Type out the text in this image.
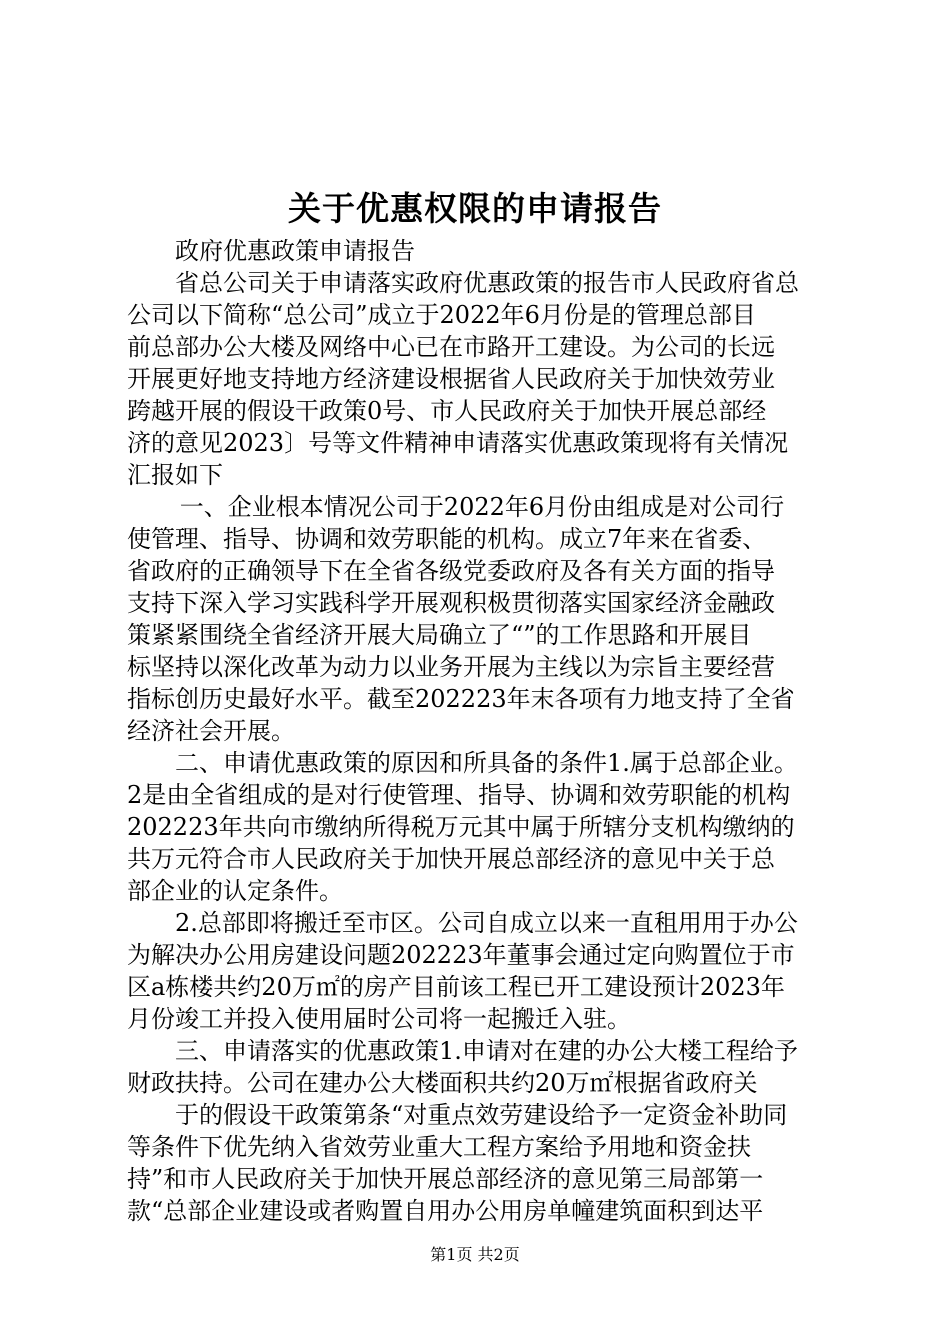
关于优惠权限的申请报告
政府优惠政策申请报告
省总公司关于申请落实政府优惠政策的报告市人民政府省总
公司以下简称“总公司”成立于2022年6月份是的管理总部目
前总部办公大楼及网络中心已在市路开工建设。为公司的长远
开展更好地支持地方经济建设根据省人民政府关于加快效劳业
跨越开展的假设干政策0号、市人民政府关于加快开展总部经
济的意见2023〕号等文件精神申请落实优惠政策现将有关情况
汇报如下
一、企业根本情况公司于2022年6月份由组成是对公司行
使管理、指导、协调和效劳职能的机构。成立7年来在省委、
省政府的正确领导下在全省各级党委政府及各有关方面的指导
支持下深入学习实践科学开展观积极贯彻落实国家经济金融政
策紧紧围绕全省经济开展大局确立了“”的工作思路和开展目
标坚持以深化改革为动力以业务开展为主线以为宗旨主要经营
指标创历史最好水平。截至202223年末各项有力地支持了全省
经济社会开展。
二、申请优惠政策的原因和所具备的条件1.属于总部企业。
2是由全省组成的是对行使管理、指导、协调和效劳职能的机构
202223年共向市缴纳所得税万元其中属于所辖分支机构缴纳的
共万元符合市人民政府关于加快开展总部经济的意见中关于总
部企业的认定条件。
2.总部即将搬迁至市区。公司自成立以来一直租用用于办公
为解决办公用房建设问题202223年董事会通过定向购置位于市
区a栋楼共约20万㎡的房产目前该工程已开工建设预计2023年
月份竣工并投入使用届时公司将一起搬迁入驻。
三、申请落实的优惠政策1.申请对在建的办公大楼工程给予
财政扶持。公司在建办公大楼面积共约20万㎡根据省政府关
于的假设干政策第条“对重点效劳建设给予一定资金补助同
等条件下优先纳入省效劳业重大工程方案给予用地和资金扶
持”和市人民政府关于加快开展总部经济的意见第三局部第一
款“总部企业建设或者购置自用办公用房单幢建筑面积到达平
第1页 共2页
